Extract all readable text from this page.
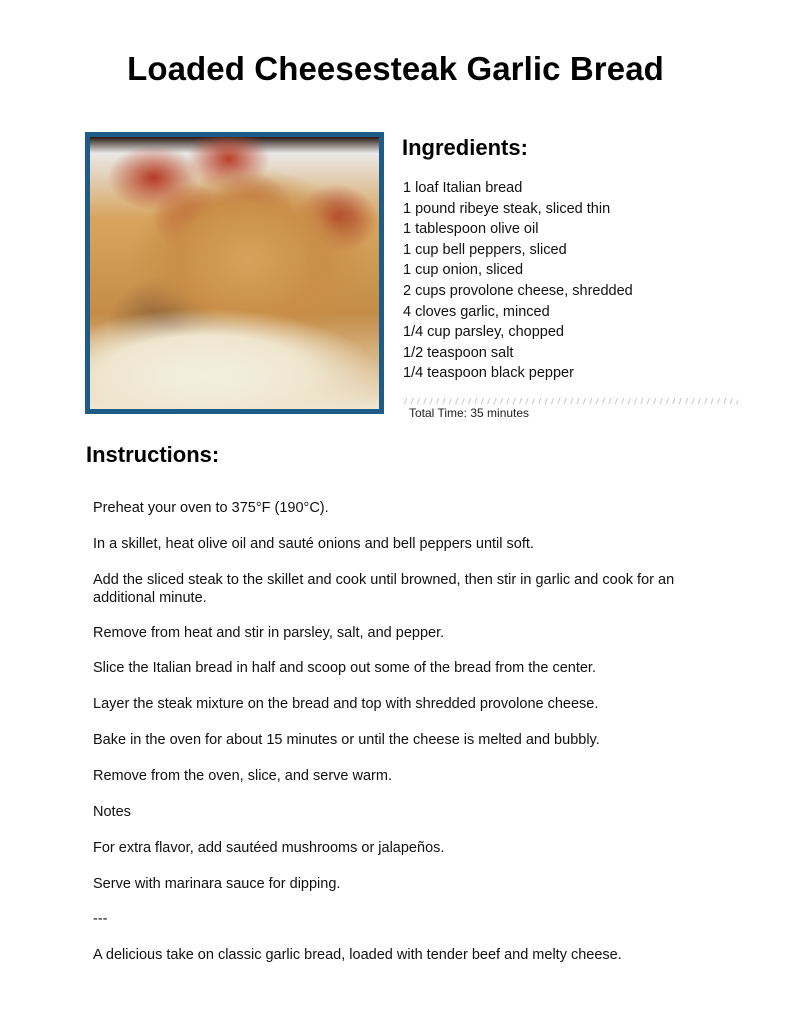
Loaded Cheesesteak Garlic Bread
Ingredients:
1 loaf Italian bread
1 pound ribeye steak, sliced thin
1 tablespoon olive oil
1 cup bell peppers, sliced
1 cup onion, sliced
2 cups provolone cheese, shredded
4 cloves garlic, minced
1/4 cup parsley, chopped
1/2 teaspoon salt
1/4 teaspoon black pepper
Total Time: 35 minutes
Instructions:
Preheat your oven to 375°F (190°C).
In a skillet, heat olive oil and sauté onions and bell peppers until soft.
Add the sliced steak to the skillet and cook until browned, then stir in garlic and cook for an additional minute.
Remove from heat and stir in parsley, salt, and pepper.
Slice the Italian bread in half and scoop out some of the bread from the center.
Layer the steak mixture on the bread and top with shredded provolone cheese.
Bake in the oven for about 15 minutes or until the cheese is melted and bubbly.
Remove from the oven, slice, and serve warm.
Notes
For extra flavor, add sautéed mushrooms or jalapeños.
Serve with marinara sauce for dipping.
---
A delicious take on classic garlic bread, loaded with tender beef and melty cheese.
